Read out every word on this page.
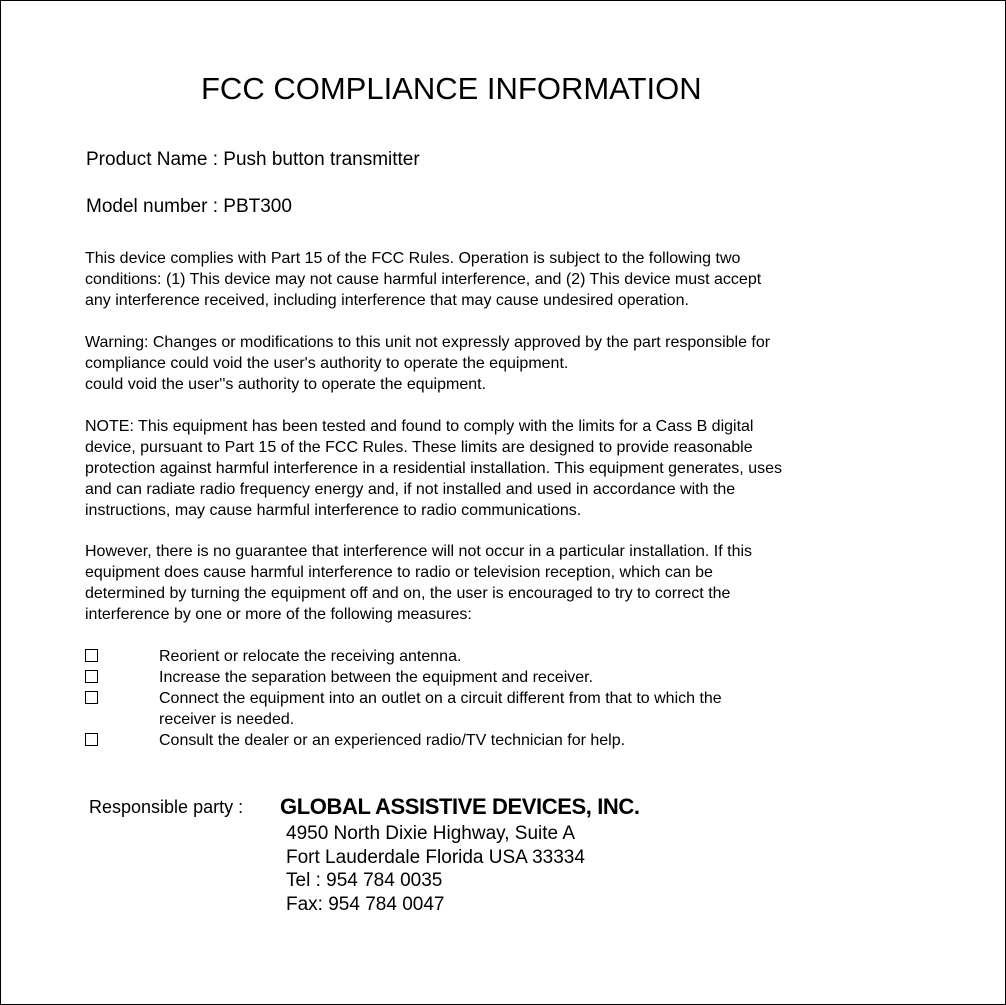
FCC COMPLIANCE INFORMATION
Product Name : Push button transmitter
Model number : PBT300
This device complies with Part 15 of the FCC Rules. Operation is subject to the following two
conditions: (1) This device may not cause harmful interference, and (2) This device must accept
any interference received, including interference that may cause undesired operation.
Warning: Changes or modifications to this unit not expressly approved by the part responsible for
compliance could void the user's authority to operate the equipment.
could void the user''s authority to operate the equipment.
NOTE: This equipment has been tested and found to comply with the limits for a Cass B digital
device, pursuant to Part 15 of the FCC Rules. These limits are designed to provide reasonable
protection against harmful interference in a residential installation. This equipment generates, uses
and can radiate radio frequency energy and, if not installed and used in accordance with the
instructions, may cause harmful interference to radio communications.
However, there is no guarantee that interference will not occur in a particular installation. If this
equipment does cause harmful interference to radio or television reception, which can be
determined by turning the equipment off and on, the user is encouraged to try to correct the
interference by one or more of the following measures:
Reorient or relocate the receiving antenna.
Increase the separation between the equipment and receiver.
Connect the equipment into an outlet on a circuit different from that to which the
receiver is needed.
Consult the dealer or an experienced radio/TV technician for help.
Responsible party : GLOBAL ASSISTIVE DEVICES, INC.
4950 North Dixie Highway, Suite A
Fort Lauderdale Florida USA 33334
Tel : 954 784 0035
Fax: 954 784 0047
